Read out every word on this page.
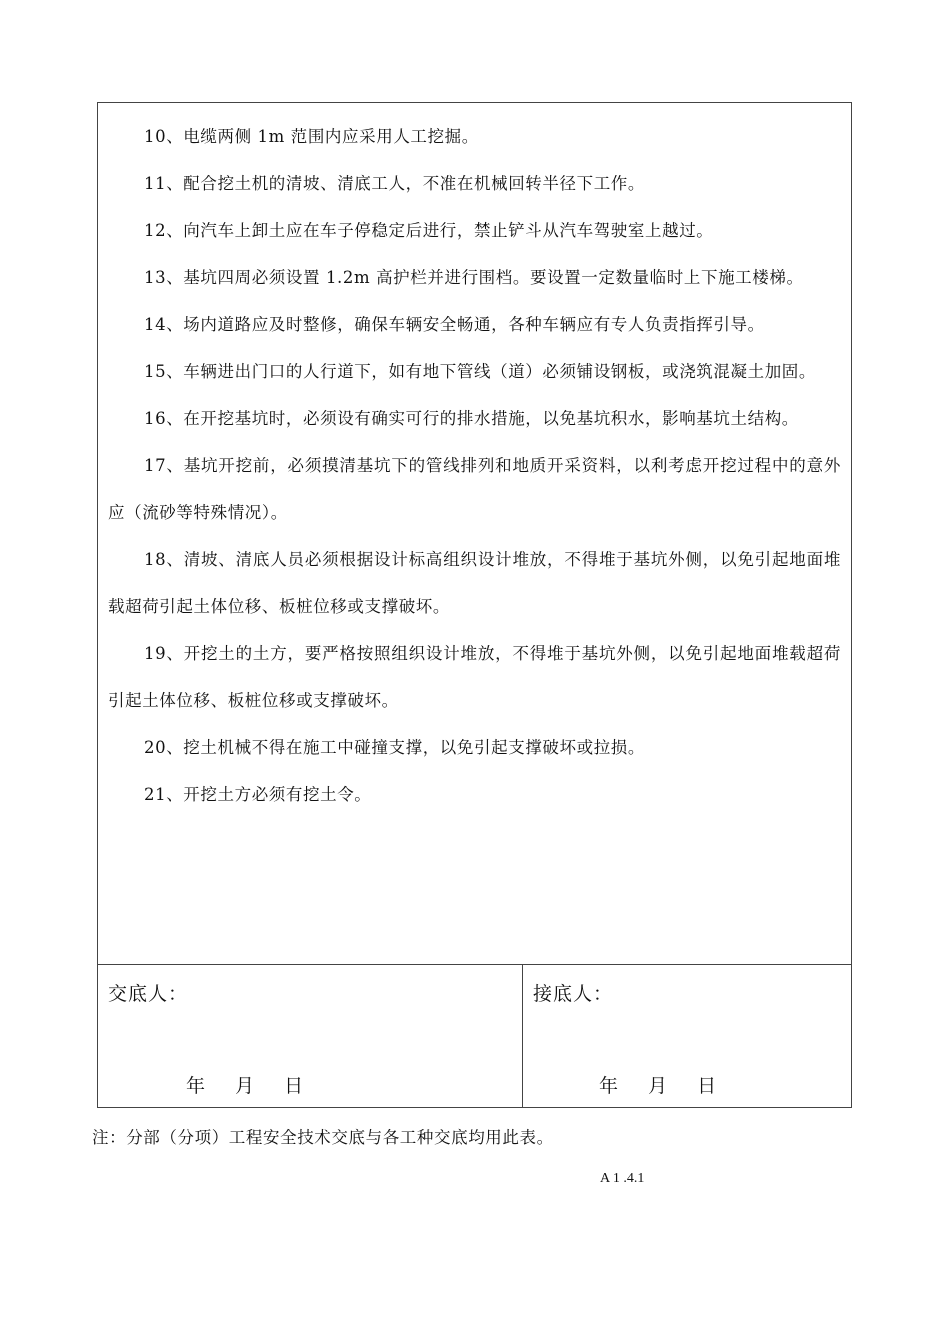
10、电缆两侧 1m 范围内应采用人工挖掘。

11、配合挖土机的清坡、清底工人，不准在机械回转半径下工作。

12、向汽车上卸土应在车子停稳定后进行，禁止铲斗从汽车驾驶室上越过。

13、基坑四周必须设置 1.2m 高护栏并进行围档。要设置一定数量临时上下施工楼梯。

14、场内道路应及时整修，确保车辆安全畅通，各种车辆应有专人负责指挥引导。

15、车辆进出门口的人行道下，如有地下管线（道）必须铺设钢板，或浇筑混凝土加固。

16、在开挖基坑时，必须设有确实可行的排水措施，以免基坑积水，影响基坑土结构。

17、基坑开挖前，必须摸清基坑下的管线排列和地质开采资料，以利考虑开挖过程中的意外应（流砂等特殊情况）。

18、清坡、清底人员必须根据设计标高组织设计堆放，不得堆于基坑外侧，以免引起地面堆载超荷引起土体位移、板桩位移或支撑破坏。

19、开挖土的土方，要严格按照组织设计堆放，不得堆于基坑外侧，以免引起地面堆载超荷引起土体位移、板桩位移或支撑破坏。

20、挖土机械不得在施工中碰撞支撑，以免引起支撑破坏或拉损。

21、开挖土方必须有挖土令。

交底人：
年 月 日
接底人：
年 月 日
注：分部（分项）工程安全技术交底与各工种交底均用此表。
A 1 .4.1
